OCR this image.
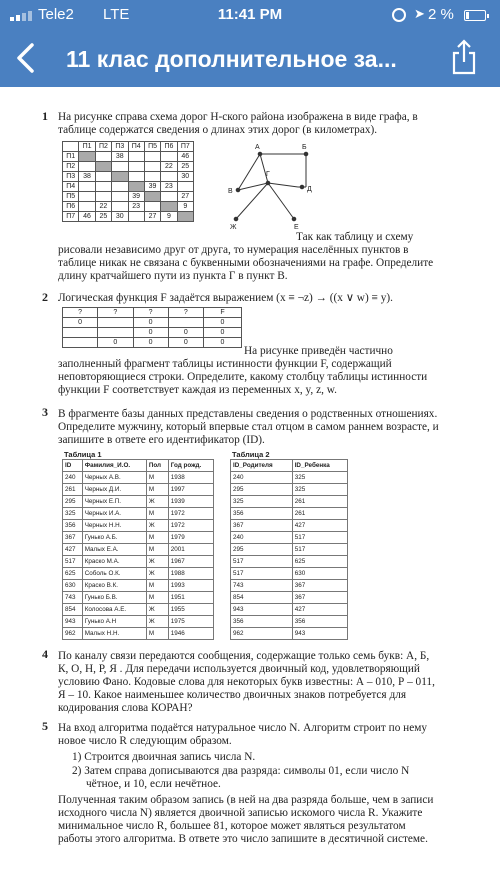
Tele2 LTE	11:41 PM	➤ 2 %
11 клас дополнительное за...
1 На рисунке справа схема дорог Н-ского района изображена в виде графа, в
таблице содержатся сведения о длинах этих дорог (в километрах).
	П1	П2	П3	П4	П5	П6	П7
П1			38				46
П2						22	25
П3	38						30
П4					39	23	
П5				39			27
П6		22		23			9
П7	46	25	30		27	9	
А	Б
В
Г
Д
Ж	Е
Так как таблицу и схему
рисовали независимо друг от друга, то нумерация населённых пунктов в
таблице никак не связана с буквенными обозначениями на графе. Определите
длину кратчайшего пути из пункта Г в пункт В.
2 Логическая функция F задаётся выражением (x ≡ ¬z) → ((x ∨ w) ≡ y).
?	?	?	?	F
0		0		0
		0	0	0
	0	0	0	0
На рисунке приведён частично
заполненный фрагмент таблицы истинности функции F, содержащий
неповторяющиеся строки. Определите, какому столбцу таблицы истинности
функции F соответствует каждая из переменных x, y, z, w.
3 В фрагменте базы данных представлены сведения о родственных отношениях.
Определите мужчину, который впервые стал отцом в самом раннем возрасте, и
запишите в ответе его идентификатор (ID).
Таблица 1	Таблица 2
ID	Фамилия_И.О.	Пол	Год рожд.
240	Черных А.В.	М	1938
261	Черных Д.И.	М	1997
295	Черных Е.П.	Ж	1939
325	Черных И.А.	М	1972
356	Черных Н.Н.	Ж	1972
367	Гунько А.Б.	М	1979
427	Малых Е.А.	М	2001
517	Краско М.А.	Ж	1967
625	Соболь О.К.	Ж	1988
630	Краско В.К.	М	1993
743	Гунько Б.В.	М	1951
854	Колосова А.Е.	Ж	1955
943	Гунько А.Н	Ж	1975
962	Малых Н.Н.	М	1946
ID_Родителя	ID_Ребенка
240	325
295	325
325	261
356	261
367	427
240	517
295	517
517	625
517	630
743	367
854	367
943	427
356	356
962	943
4 По каналу связи передаются сообщения, содержащие только семь букв: А, Б,
К, О, Н, Р, Я . Для передачи используется двоичный код, удовлетворяющий
условию Фано. Кодовые слова для некоторых букв известны: А – 010, Р – 011,
Я – 10. Какое наименьшее количество двоичных знаков потребуется для
кодирования слова КОРАН?
5 На вход алгоритма подаётся натуральное число N. Алгоритм строит по нему
новое число R следующим образом.
1) Строится двоичная запись числа N.
2) Затем справа дописываются два разряда: символы 01, если число N
чётное, и 10, если нечётное.
Полученная таким образом запись (в ней на два разряда больше, чем в записи
исходного числа N) является двоичной записью искомого числа R. Укажите
минимальное число R, большее 81, которое может являться результатом
работы этого алгоритма. В ответе это число запишите в десятичной системе.
